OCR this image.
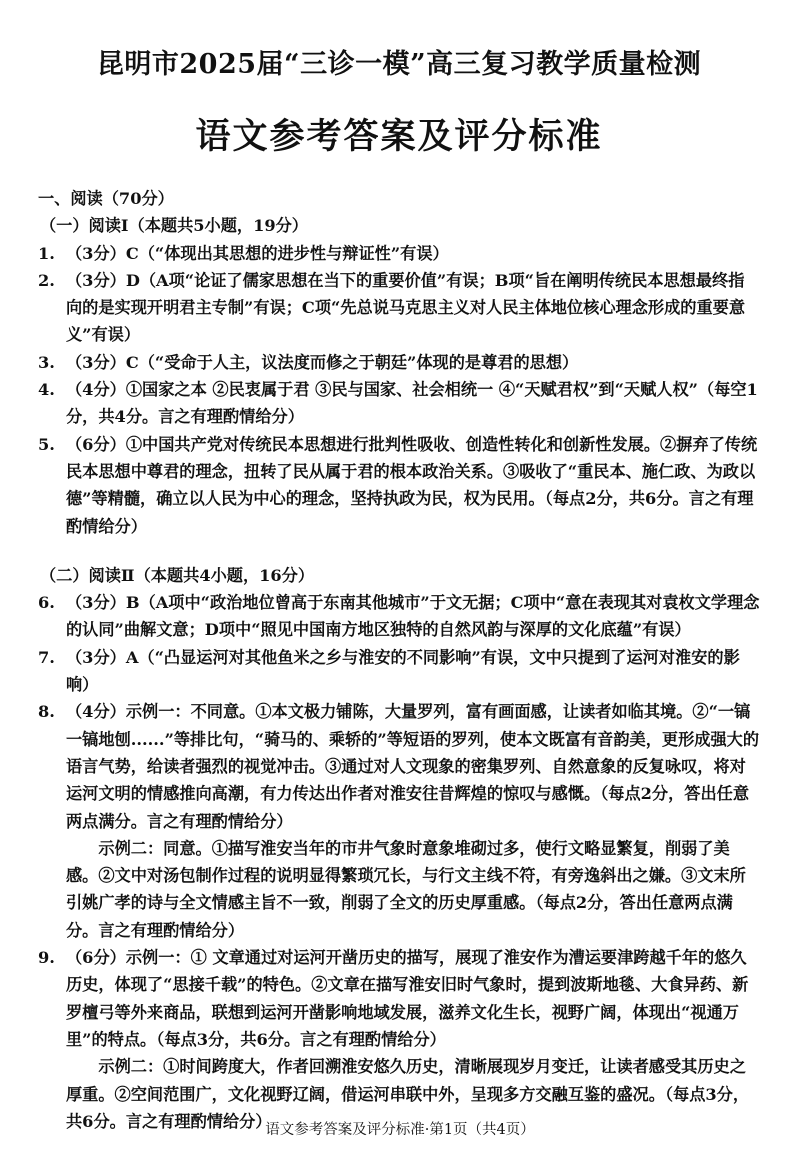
昆明市2025届“三诊一模”高三复习教学质量检测
语文参考答案及评分标准

一、阅读（70分）

（一）阅读Ⅰ（本题共5小题，19分）

1. （3分）C（“体现出其思想的进步性与辩证性”有误）
2. （3分）D（A项“论证了儒家思想在当下的重要价值”有误；B项“旨在阐明传统民本思想最终指向的是实现开明君主专制”有误；C项“先总说马克思主义对人民主体地位核心理念形成的重要意义”有误）
3. （3分）C（“受命于人主，议法度而修之于朝廷”体现的是尊君的思想）
4. （4分）①国家之本 ②民衷属于君 ③民与国家、社会相统一 ④“天赋君权”到“天赋人权”（每空1分，共4分。言之有理酌情给分）
5. （6分）①中国共产党对传统民本思想进行批判性吸收、创造性转化和创新性发展。②摒弃了传统民本思想中尊君的理念，扭转了民从属于君的根本政治关系。③吸收了“重民本、施仁政、为政以德”等精髓，确立以人民为中心的理念，坚持执政为民，权为民用。（每点2分，共6分。言之有理酌情给分）

（二）阅读Ⅱ（本题共4小题，16分）

6. （3分）B（A项中“政治地位曾高于东南其他城市”于文无据；C项中“意在表现其对袁枚文学理念的认同”曲解文意；D项中“照见中国南方地区独特的自然风韵与深厚的文化底蕴”有误）
7. （3分）A（“凸显运河对其他鱼米之乡与淮安的不同影响”有误，文中只提到了运河对淮安的影响）
8. （4分）示例一：不同意。①本文极力铺陈，大量罗列，富有画面感，让读者如临其境。②“一镐一镐地刨......”等排比句，“骑马的、乘轿的”等短语的罗列，使本文既富有音韵美，更形成强大的语言气势，给读者强烈的视觉冲击。③通过对人文现象的密集罗列、自然意象的反复咏叹，将对运河文明的情感推向高潮，有力传达出作者对淮安往昔辉煌的惊叹与感慨。（每点2分，答出任意两点满分。言之有理酌情给分）

示例二：同意。①描写淮安当年的市井气象时意象堆砌过多，使行文略显繁复，削弱了美感。②文中对汤包制作过程的说明显得繁琐冗长，与行文主线不符，有旁逸斜出之嫌。③文末所引姚广孝的诗与全文情感主旨不一致，削弱了全文的历史厚重感。（每点2分，答出任意两点满分。言之有理酌情给分）

9. （6分）示例一：① 文章通过对运河开凿历史的描写，展现了淮安作为漕运要津跨越千年的悠久历史，体现了“思接千载”的特色。②文章在描写淮安旧时气象时，提到波斯地毯、大食异药、新罗檀弓等外来商品，联想到运河开凿影响地域发展，滋养文化生长，视野广阔，体现出“视通万里”的特点。（每点3分，共6分。言之有理酌情给分）

示例二：①时间跨度大，作者回溯淮安悠久历史，清晰展现岁月变迁，让读者感受其历史之厚重。②空间范围广，文化视野辽阔，借运河串联中外，呈现多方交融互鉴的盛况。（每点3分，共6分。言之有理酌情给分）

语文参考答案及评分标准·第1页（共4页）
